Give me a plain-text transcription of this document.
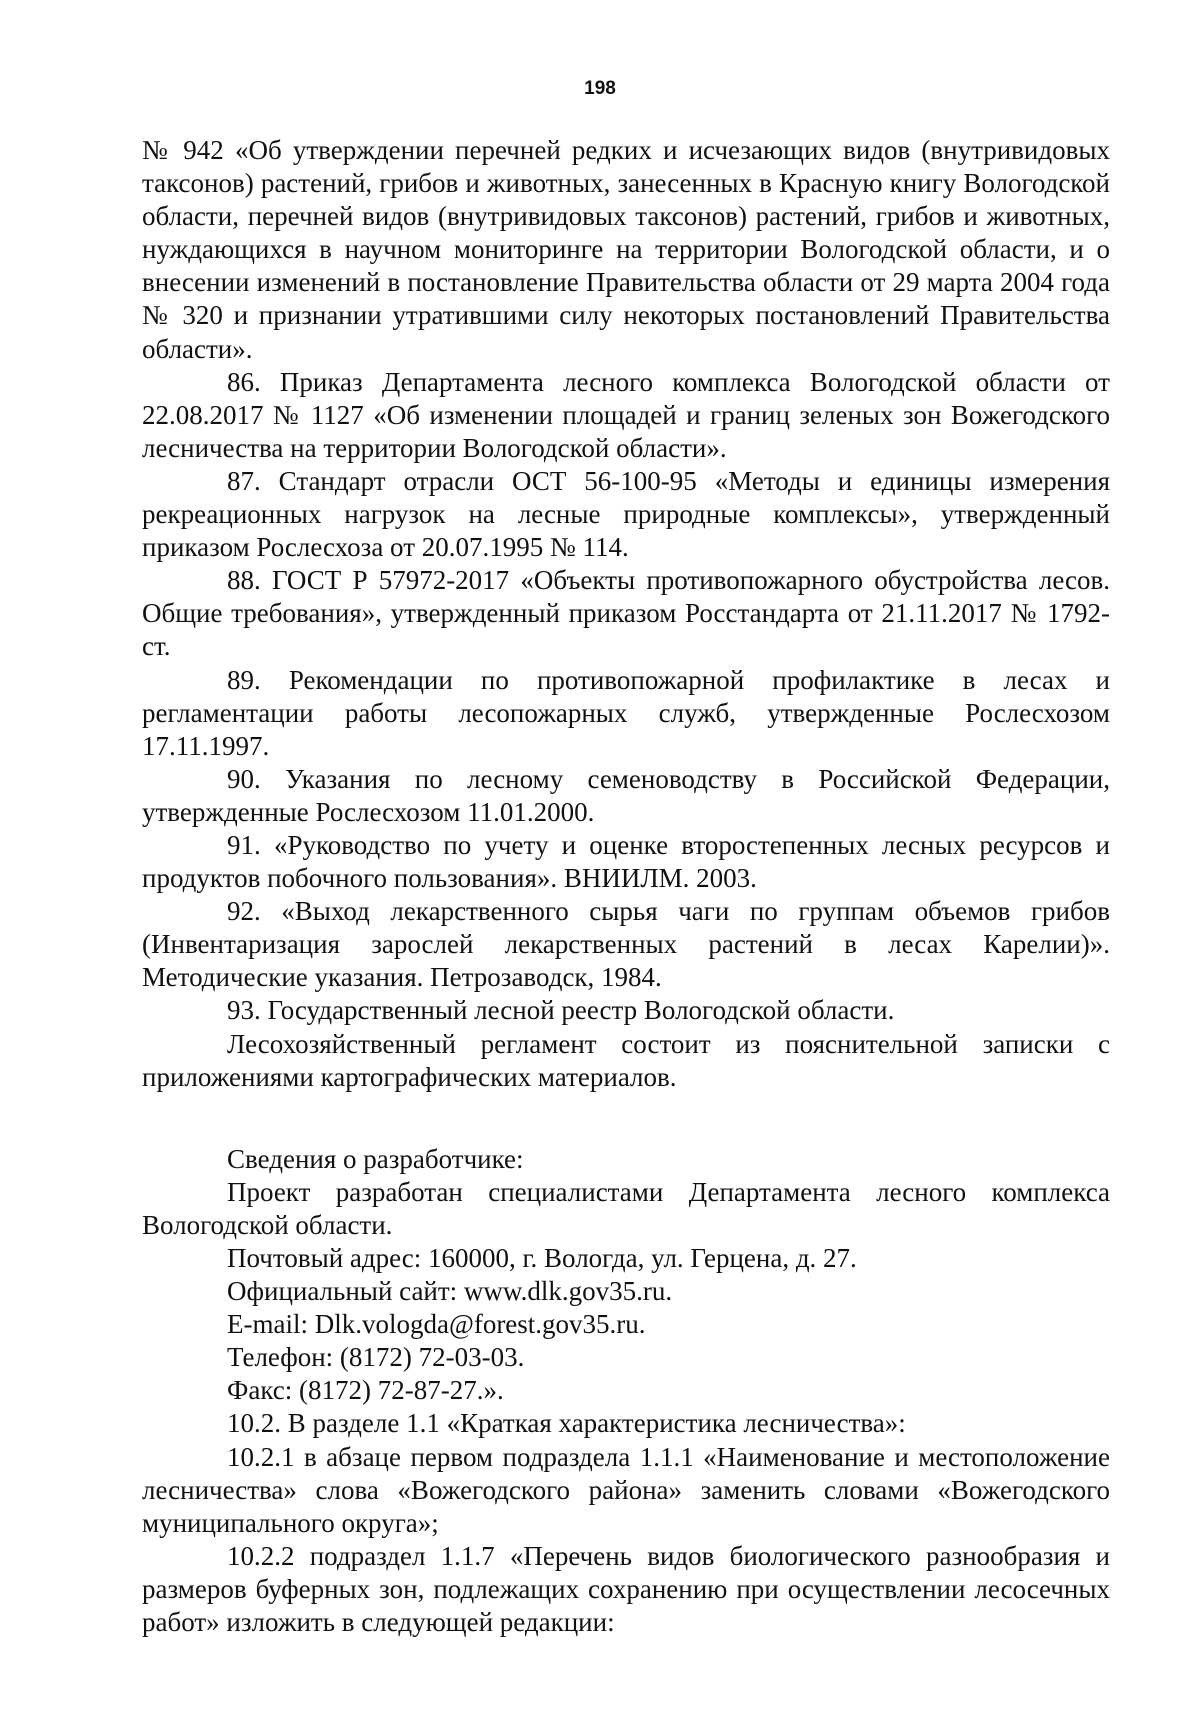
198

№ 942 «Об утверждении перечней редких и исчезающих видов (внутривидовых таксонов) растений, грибов и животных, занесенных в Красную книгу Вологодской области, перечней видов (внутривидовых таксонов) растений, грибов и животных, нуждающихся в научном мониторинге на территории Вологодской области, и о внесении изменений в постановление Правительства области от 29 марта 2004 года № 320 и признании утратившими силу некоторых постановлений Правительства области».

86. Приказ Департамента лесного комплекса Вологодской области от 22.08.2017 № 1127 «Об изменении площадей и границ зеленых зон Вожегодского лесничества на территории Вологодской области».

87. Стандарт отрасли ОСТ 56-100-95 «Методы и единицы измерения рекреационных нагрузок на лесные природные комплексы», утвержденный приказом Рослесхоза от 20.07.1995 № 114.

88. ГОСТ Р 57972-2017 «Объекты противопожарного обустройства лесов. Общие требования», утвержденный приказом Росстандарта от 21.11.2017 № 1792-ст.

89. Рекомендации по противопожарной профилактике в лесах и регламентации работы лесопожарных служб, утвержденные Рослесхозом 17.11.1997.

90. Указания по лесному семеноводству в Российской Федерации, утвержденные Рослесхозом 11.01.2000.

91. «Руководство по учету и оценке второстепенных лесных ресурсов и продуктов побочного пользования». ВНИИЛМ. 2003.

92. «Выход лекарственного сырья чаги по группам объемов грибов (Инвентаризация зарослей лекарственных растений в лесах Карелии)». Методические указания. Петрозаводск, 1984.

93. Государственный лесной реестр Вологодской области.

Лесохозяйственный регламент состоит из пояснительной записки с приложениями картографических материалов.

Сведения о разработчике:

Проект разработан специалистами Департамента лесного комплекса Вологодской области.

Почтовый адрес: 160000, г. Вологда, ул. Герцена, д. 27.

Официальный сайт: www.dlk.gov35.ru.

E-mail: Dlk.vologda@forest.gov35.ru.

Телефон: (8172) 72-03-03.

Факс: (8172) 72-87-27.».

10.2. В разделе 1.1 «Краткая характеристика лесничества»:

10.2.1 в абзаце первом подраздела 1.1.1 «Наименование и местоположение лесничества» слова «Вожегодского района» заменить словами «Вожегодского муниципального округа»;

10.2.2 подраздел 1.1.7 «Перечень видов биологического разнообразия и размеров буферных зон, подлежащих сохранению при осуществлении лесосечных работ» изложить в следующей редакции:
